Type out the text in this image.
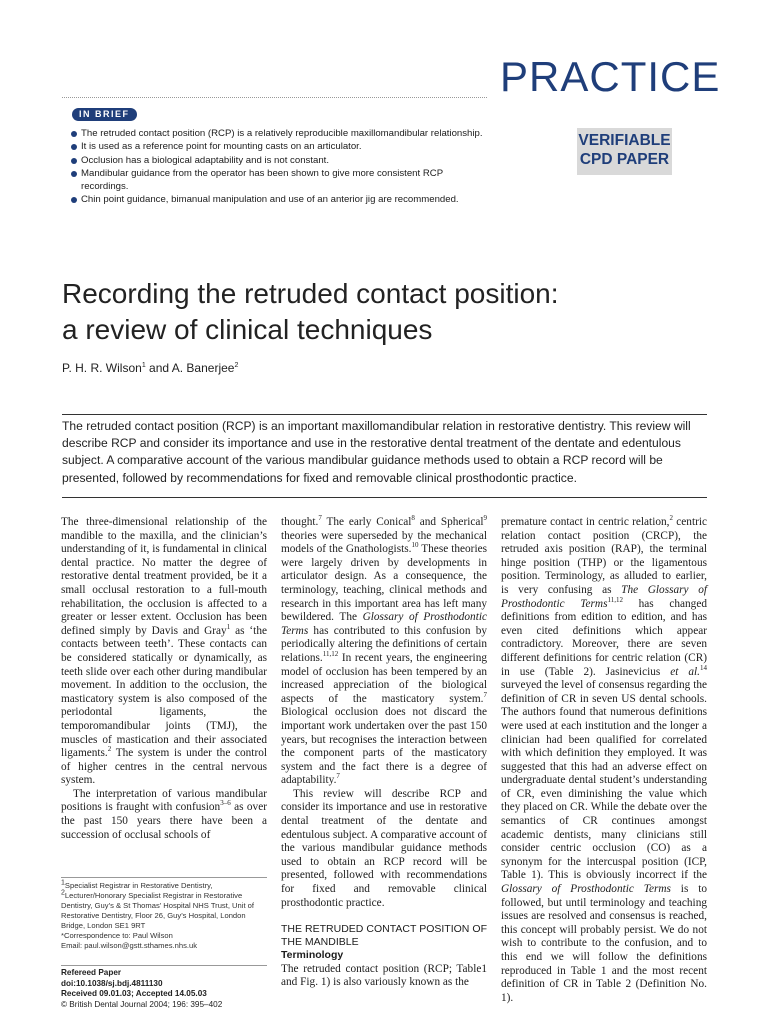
PRACTICE
IN BRIEF
The retruded contact position (RCP) is a relatively reproducible maxillomandibular relationship.
It is used as a reference point for mounting casts on an articulator.
Occlusion has a biological adaptability and is not constant.
Mandibular guidance from the operator has been shown to give more consistent RCP recordings.
Chin point guidance, bimanual manipulation and use of an anterior jig are recommended.
VERIFIABLE
CPD PAPER
Recording the retruded contact position:
a review of clinical techniques
P. H. R. Wilson$^1$ and A. Banerjee$^2$
The retruded contact position (RCP) is an important maxillomandibular relation in restorative dentistry. This review will describe RCP and consider its importance and use in the restorative dental treatment of the dentate and edentulous subject. A comparative account of the various mandibular guidance methods used to obtain a RCP record will be presented, followed by recommendations for fixed and removable clinical prosthodontic practice.

The three-dimensional relationship of the mandible to the maxilla, and the clinician’s understanding of it, is fundamental in clinical dental practice. No matter the degree of restorative dental treatment provided, be it a small occlusal restoration to a full-mouth rehabilitation, the occlusion is affected to a greater or lesser extent. Occlusion has been defined simply by Davis and Gray$^1$ as ‘the contacts between teeth’. These contacts can be considered statically or dynamically, as teeth slide over each other during mandibular movement. In addition to the occlusion, the masticatory system is also composed of the periodontal ligaments, the temporomandibular joints (TMJ), the muscles of mastication and their associated ligaments.$^2$ The system is under the control of higher centres in the central nervous system.

The interpretation of various mandibular positions is fraught with confusion$^{3-6}$ as over the past 150 years there have been a succession of occlusal schools of

$^1$Specialist Registrar in Restorative Dentistry,
$^2$Lecturer/Honorary Specialist Registrar in Restorative Dentistry, Guy’s & St Thomas’ Hospital NHS Trust, Unit of Restorative Dentistry, Floor 26, Guy’s Hospital, London Bridge, London SE1 9RT
*Correspondence to: Paul Wilson
Email: paul.wilson@gstt.sthames.nhs.uk
Refereed Paper
doi:10.1038/sj.bdj.4811130
Received 09.01.03; Accepted 14.05.03
© British Dental Journal 2004; 196: 395–402

thought.$^7$ The early Conical$^8$ and Spherical$^9$ theories were superseded by the mechanical models of the Gnathologists.$^{10}$ These theories were largely driven by developments in articulator design. As a consequence, the terminology, teaching, clinical methods and research in this important area has left many bewildered. The Glossary of Prosthodontic Terms has contributed to this confusion by periodically altering the definitions of certain relations.$^{11,12}$ In recent years, the engineering model of occlusion has been tempered by an increased appreciation of the biological aspects of the masticatory system.$^7$ Biological occlusion does not discard the important work undertaken over the past 150 years, but recognises the interaction between the component parts of the masticatory system and the fact there is a degree of adaptability.$^7$

This review will describe RCP and consider its importance and use in restorative dental treatment of the dentate and edentulous subject. A comparative account of the various mandibular guidance methods used to obtain an RCP record will be presented, followed with recommendations for fixed and removable clinical prosthodontic practice.

THE RETRUDED CONTACT POSITION OF THE MANDIBLE

Terminology

The retruded contact position (RCP; Table1 and Fig. 1) is also variously known as the

premature contact in centric relation,$^2$ centric relation contact position (CRCP), the retruded axis position (RAP), the terminal hinge position (THP) or the ligamentous position. Terminology, as alluded to earlier, is very confusing as The Glossary of Prosthodontic Terms$^{11,12}$ has changed definitions from edition to edition, and has even cited definitions which appear contradictory. Moreover, there are seven different definitions for centric relation (CR) in use (Table 2). Jasinevicius et al.$^{14}$ surveyed the level of consensus regarding the definition of CR in seven US dental schools. The authors found that numerous definitions were used at each institution and the longer a clinician had been qualified for correlated with which definition they employed. It was suggested that this had an adverse effect on undergraduate dental student’s understanding of CR, even diminishing the value which they placed on CR. While the debate over the semantics of CR continues amongst academic dentists, many clinicians still consider centric occlusion (CO) as a synonym for the intercuspal position (ICP, Table 1). This is obviously incorrect if the Glossary of Prosthodontic Terms is to followed, but until terminology and teaching issues are resolved and consensus is reached, this concept will probably persist. We do not wish to contribute to the confusion, and to this end we will follow the definitions reproduced in Table 1 and the most recent definition of CR in Table 2 (Definition No. 1).
